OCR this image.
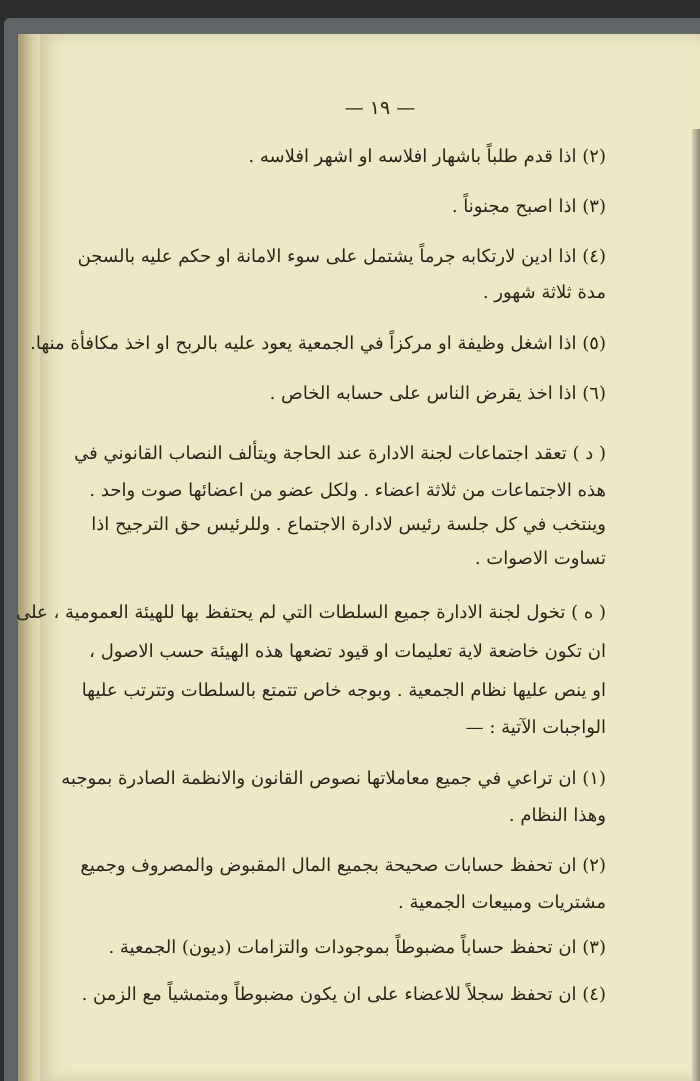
— ١٩ —
(٢) اذا قدم طلباً باشهار افلاسه او اشهر افلاسه .
(٣) اذا اصبح مجنوناً .
(٤) اذا ادين لارتكابه جرماً يشتمل على سوء الامانة او حكم عليه بالسجن
مدة ثلاثة شهور .
(٥) اذا اشغل وظيفة او مركزاً في الجمعية يعود عليه بالربح او اخذ مكافأة منها.
(٦) اذا اخذ يقرض الناس على حسابه الخاص .
( د ) تعقد اجتماعات لجنة الادارة عند الحاجة ويتألف النصاب القانوني في
هذه الاجتماعات من ثلاثة اعضاء . ولكل عضو من اعضائها صوت واحد .
وينتخب في كل جلسة رئيس لادارة الاجتماع . وللرئيس حق الترجيح اذا
تساوت الاصوات .
( ه ) تخول لجنة الادارة جميع السلطات التي لم يحتفظ بها للهيئة العمومية ، على
ان تكون خاضعة لاية تعليمات او قيود تضعها هذه الهيئة حسب الاصول ،
او ينص عليها نظام الجمعية . وبوجه خاص تتمتع بالسلطات وتترتب عليها
الواجبات الآتية : —
(١) ان تراعي في جميع معاملاتها نصوص القانون والانظمة الصادرة بموجبه
وهذا النظام .
(٢) ان تحفظ حسابات صحيحة بجميع المال المقبوض والمصروف وجميع
مشتريات ومبيعات الجمعية .
(٣) ان تحفظ حساباً مضبوطاً بموجودات والتزامات (ديون) الجمعية .
(٤) ان تحفظ سجلاً للاعضاء على ان يكون مضبوطاً ومتمشياً مع الزمن .
